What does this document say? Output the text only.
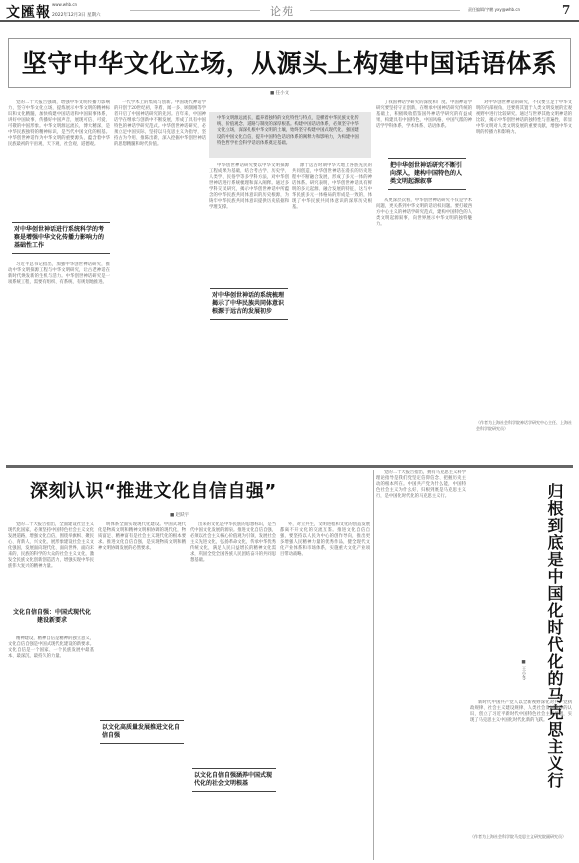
文匯報
www.whb.cn
2022年12月3日 星期六	论苑	责任编辑/宇鹏 yxy@whb.cn	7
坚守中华文化立场，从源头上构建中国话语体系
■ 任小文
党的二十大报告强调，增强中华文明传播力影响力，坚守中华文化立场，提炼展示中华文明的精神标识和文化精髓，加快构建中国话语和中国叙事体系，讲好中国故事、传播好中国声音，展现可信、可爱、可敬的中国形象。中华文明源远流长，博大精深，是中华民族独特的精神标识，是当代中国文化的根基。中华创世神话作为中华文明的重要源头，蕴含着中华民族最初的宇宙观、天下观、社会观、道德观。
对中华创世神话进行系统科学的考察是增强中华文化传播力影响力的基础性工作
习近平总书记指出，加强中华创世神话研究，推动中华文明探源工程与中华文明研究，让古老神话在新时代焕发新的生机与活力。中华创世神话研究是一项系统工程，需要有组织、有系统、有规划地推进。
一代学术上的集成与创新。中国现代神话学的开创于20世纪初，茅盾、闻一多、顾颉刚等学者开启了中国神话研究的先河。百年来，中国神话学在继承与创新中不断发展，形成了具有中国特色的神话学研究范式。中华创世神话研究，必须立足中国实际，坚持以马克思主义为指导，坚持古为今用、推陈出新，深入挖掘中华创世神话的思想精髓和时代价值。
中华文明源远流长，蕴养着独特的文化特性与特点，是横着中华民族文化传统、价值观念、道路与制度的深厚根基。构建中国话语体系，必须坚守中华文化立场，深深扎根中华文明的土壤，始终坚守构建中国式现代化、强国建设的中国文化自信，提升中国特色话语体系的阐释力和影响力，为构建中国特色哲学社会科学话语体系奠定基础。
中华创世神话研究要以中华文明探源工程成果为基础，结合考古学、历史学、人类学、民俗学等多学科方法，对中华创世神话进行系统梳理和深入阐释。通过多学科交叉研究，揭示中华创世神话中所蕴含的中华民族共同体意识的历史根源，为铸牢中华民族共同体意识提供历史依据和学理支撑。
对中华创世神话的系统梳理揭示了中华民族共同体意识根源于远古的发展初步
源于远古时期中华大地上各族先民的共同创造，中华创世神话在漫长的历史进程中不断融合发展，形成了多元一体的神话体系。研究表明，中华创世神话具有鲜明的多元起源、融合发展的特征，这与中华民族多元一体格局的形成是一致的，体现了中华民族共同体意识的深厚历史根基。
了我国神话学研究的深度和广度。中国神话学研究要坚持守正创新，在继承中国神话研究传统的基础上，积极吸收借鉴国外神话学研究的有益成果，构建具有中国特色、中国风格、中国气派的神话学学科体系、学术体系、话语体系。
把中华创世神话研究不断引向深入，建构中国特色的人类文明起源叙事
从更深层次看，中华创世神话研究不仅是学术问题，更关系到中华文明的话语权问题。要打破西方中心主义的神话学研究范式，建构中国特色的人类文明起源叙事，向世界展示中华文明的独特魅力。
对中华创世神话的研究，不仅要立足于中华文明的内部视角，还要将其置于人类文明发展的宏观视野中进行比较研究。通过与世界其他文明神话的比较，揭示中华创世神话的独特性与普遍性，彰显中华文明对人类文明发展的重要贡献，增强中华文明的传播力和影响力。
（作者为上海社会科学院神话学研究中心主任、上海社会科学院研究员）
深刻认识“推进文化自信自强”
■ 赵跃宇
党的二十大报告指出，全面建设社会主义现代化国家，必须坚持中国特色社会主义文化发展道路，增强文化自信，围绕举旗帜、聚民心、育新人、兴文化、展形象建设社会主义文化强国，发展面向现代化、面向世界、面向未来的，民族的科学的大众的社会主义文化，激发全民族文化创新创造活力，增强实现中华民族伟大复兴的精神力量。
文化自信自强：中国式现代化建设新要求
精神建设，精神自信是精神的独立意义，文化自信自强是中国式现代化建设的新要求。文化自信是一个国家、一个民族发展中最基本、最深沉、最持久的力量。
明体系全面实现现代化建设。中国式现代化是物质文明和精神文明相协调的现代化，物质富足、精神富有是社会主义现代化的根本要求。推进文化自信自强，是实现物质文明和精神文明协调发展的必然要求。
以文化高质量发展推进文化自信自强
出来的文化是中华民族的思想标识，是当代中国文化发展的源泉。推进文化自信自强，必须以社会主义核心价值观为引领，发展社会主义先进文化，弘扬革命文化，传承中华优秀传统文化，满足人民日益增长的精神文化需求，巩固全党全国各族人民团结奋斗的共同思想基础。
以文化自信自强涵养中国式现代化的社会文明根基
外，对立共生，文明进程和文化的创造发展都离不开文化的交流互鉴。推进文化自信自强，要坚持以人民为中心的创作导向，推出更多增强人民精神力量的优秀作品，健全现代文化产业体系和市场体系，实施重大文化产业项目带动战略。
党的二十大报告指出，拥有马克思主义科学理论指导是我们党坚定信仰信念、把握历史主动的根本所在。中国共产党为什么能，中国特色社会主义为什么好，归根到底是马克思主义行，是中国化时代化的马克思主义行。	归根到底是中国化时代化的马克思主义行
■ 王小冬
新时代中国共产党人以全新视野深化对共产党执政规律、社会主义建设规律、人类社会发展规律的认识，创立了习近平新时代中国特色社会主义思想，实现了马克思主义中国化时代化新的飞跃。
（作者为上海社会科学院马克思主义研究院副研究员）
